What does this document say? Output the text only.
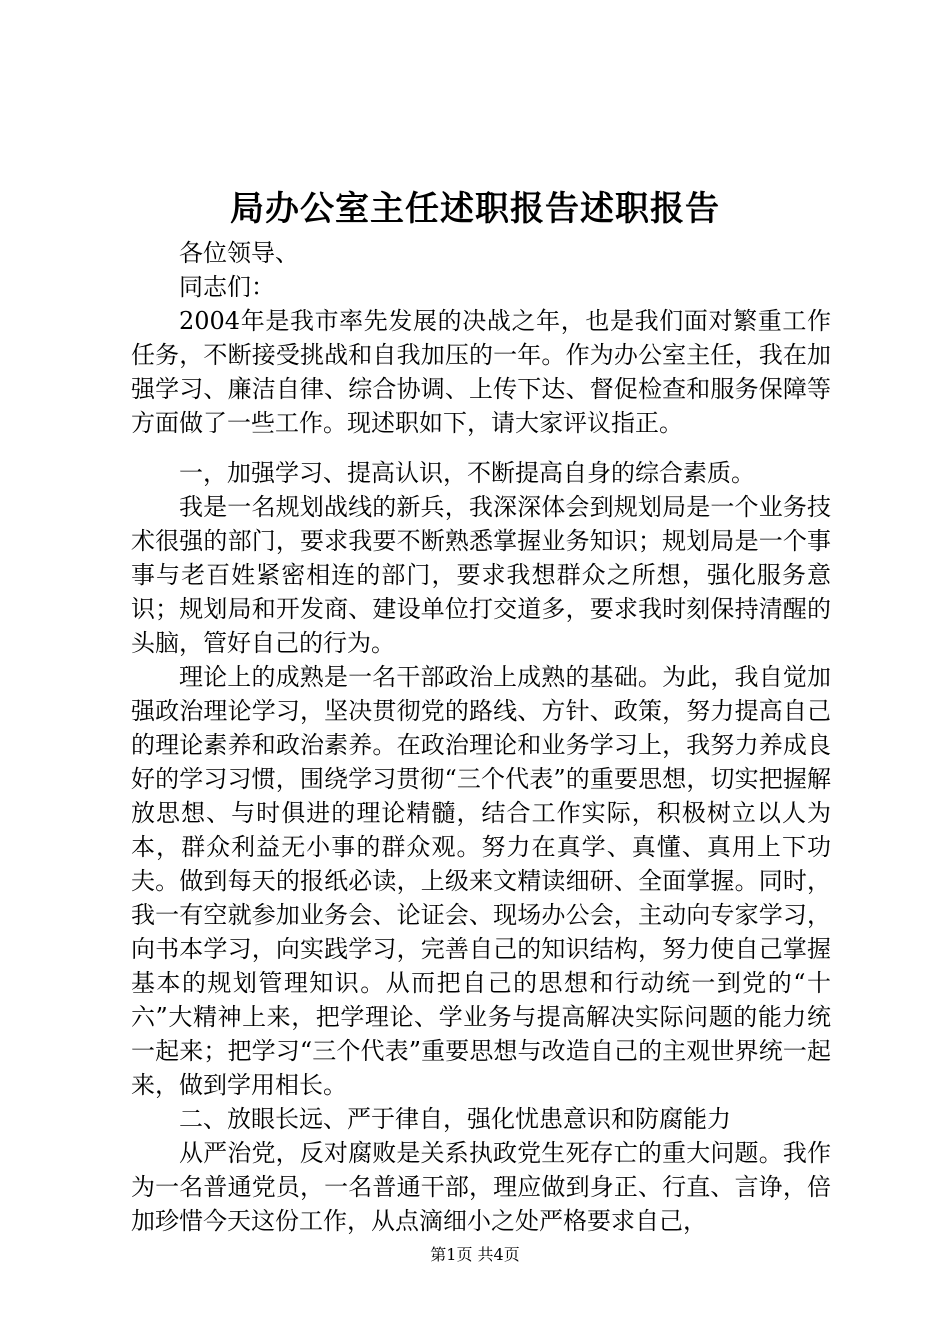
局办公室主任述职报告述职报告

各位领导、

同志们：

2004年是我市率先发展的决战之年，也是我们面对繁重工作任务，不断接受挑战和自我加压的一年。作为办公室主任，我在加强学习、廉洁自律、综合协调、上传下达、督促检查和服务保障等方面做了一些工作。现述职如下，请大家评议指正。

一，加强学习、提高认识，不断提高自身的综合素质。

我是一名规划战线的新兵，我深深体会到规划局是一个业务技术很强的部门，要求我要不断熟悉掌握业务知识；规划局是一个事事与老百姓紧密相连的部门，要求我想群众之所想，强化服务意识；规划局和开发商、建设单位打交道多，要求我时刻保持清醒的头脑，管好自己的行为。

理论上的成熟是一名干部政治上成熟的基础。为此，我自觉加强政治理论学习，坚决贯彻党的路线、方针、政策，努力提高自己的理论素养和政治素养。在政治理论和业务学习上，我努力养成良好的学习习惯，围绕学习贯彻“三个代表”的重要思想，切实把握解放思想、与时俱进的理论精髓，结合工作实际，积极树立以人为本，群众利益无小事的群众观。努力在真学、真懂、真用上下功夫。做到每天的报纸必读，上级来文精读细研、全面掌握。同时，我一有空就参加业务会、论证会、现场办公会，主动向专家学习，向书本学习，向实践学习，完善自己的知识结构，努力使自己掌握基本的规划管理知识。从而把自己的思想和行动统一到党的“十六”大精神上来，把学理论、学业务与提高解决实际问题的能力统一起来；把学习“三个代表”重要思想与改造自己的主观世界统一起来，做到学用相长。

二、放眼长远、严于律自，强化忧患意识和防腐能力

从严治党，反对腐败是关系执政党生死存亡的重大问题。我作为一名普通党员，一名普通干部，理应做到身正、行直、言诤，倍加珍惜今天这份工作，从点滴细小之处严格要求自己，

第1页 共4页
